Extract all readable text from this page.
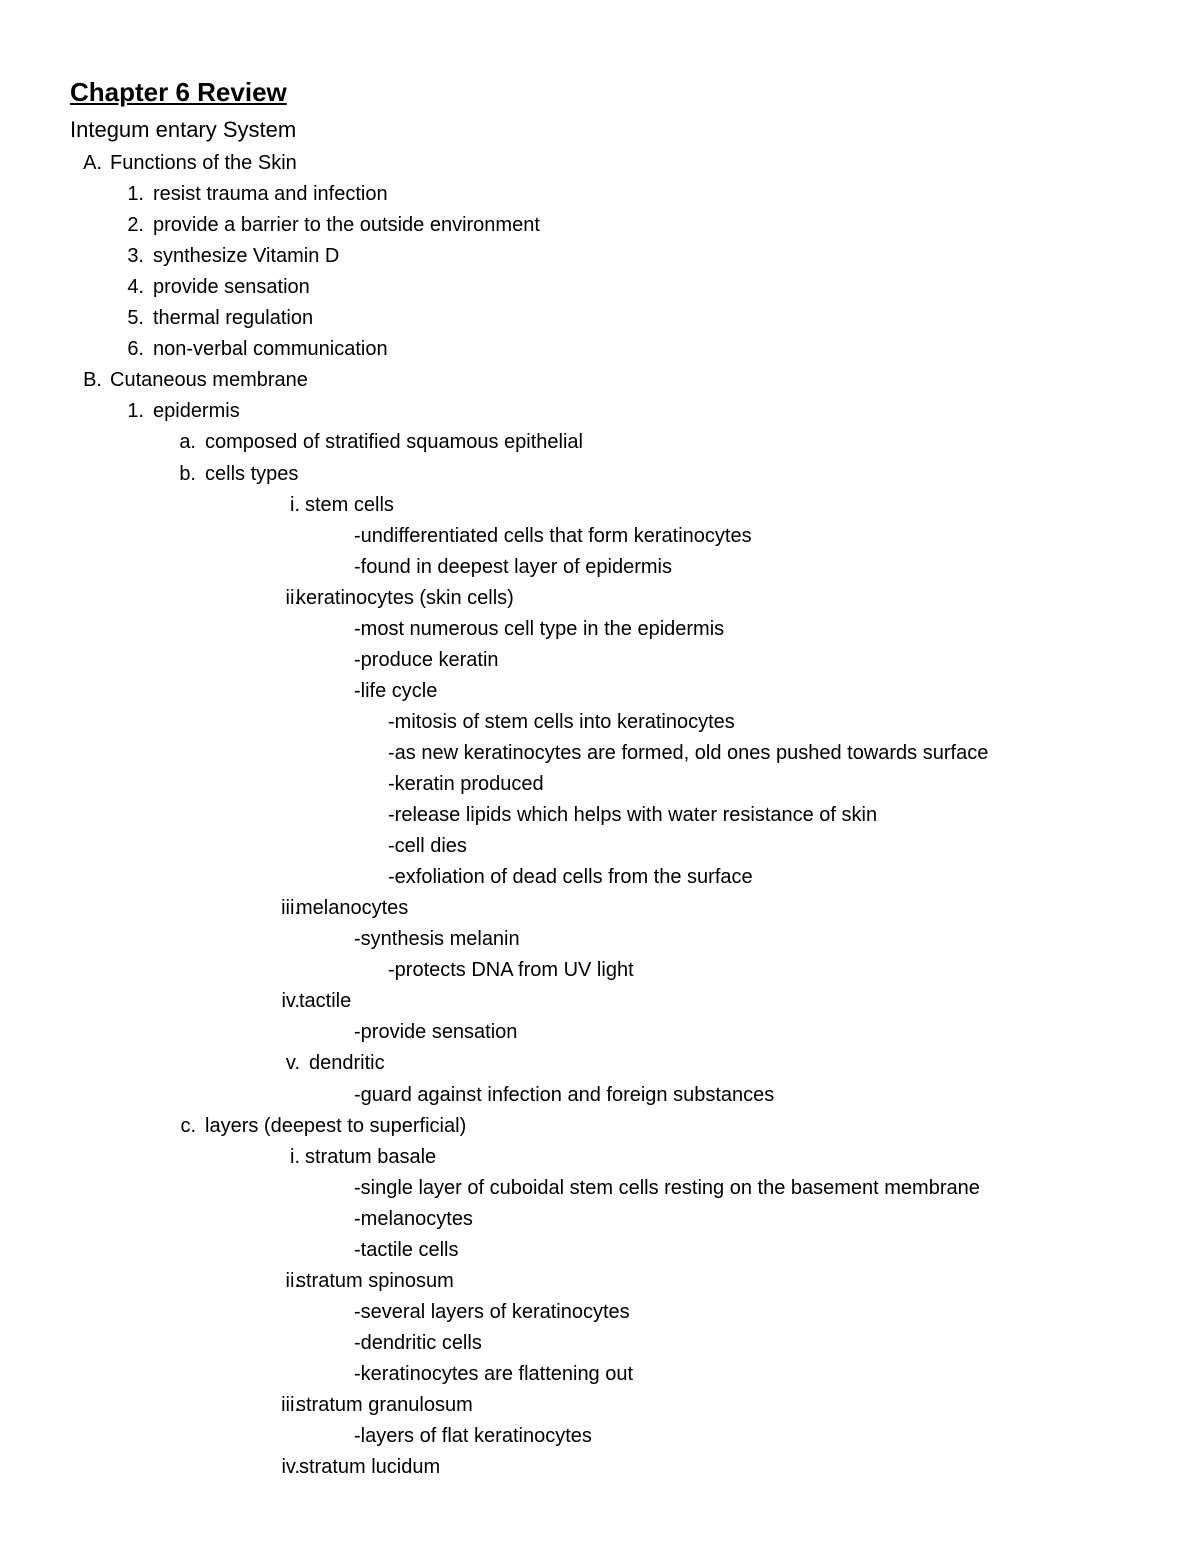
Chapter 6 Review
Integum entary System
A. Functions of the Skin
1. resist trauma and infection
2. provide a barrier to the outside environment
3. synthesize Vitamin D
4. provide sensation
5. thermal regulation
6. non-verbal communication
B. Cutaneous membrane
1. epidermis
a. composed of stratified squamous epithelial
b. cells types
i. stem cells
-undifferentiated cells that form keratinocytes
-found in deepest layer of epidermis
ii.
keratinocytes (skin cells)
-most numerous cell type in the epidermis
-produce keratin
-life cycle
-mitosis of stem cells into keratinocytes
-as new keratinocytes are formed, old ones pushed towards surface
-keratin produced
-release lipids which helps with water resistance of skin
-cell dies
-exfoliation of dead cells from the surface
iii.
melanocytes
-synthesis melanin
-protects DNA from UV light
iv. tactile
-provide sensation
v. dendritic
-guard against infection and foreign substances
c. layers (deepest to superficial)
i. stratum basale
-single layer of cuboidal stem cells resting on the basement membrane
-melanocytes
-tactile cells
ii.
stratum spinosum
-several layers of keratinocytes
-dendritic cells
-keratinocytes are flattening out
iii.
stratum granulosum
-layers of flat keratinocytes
iv. stratum lucidum
